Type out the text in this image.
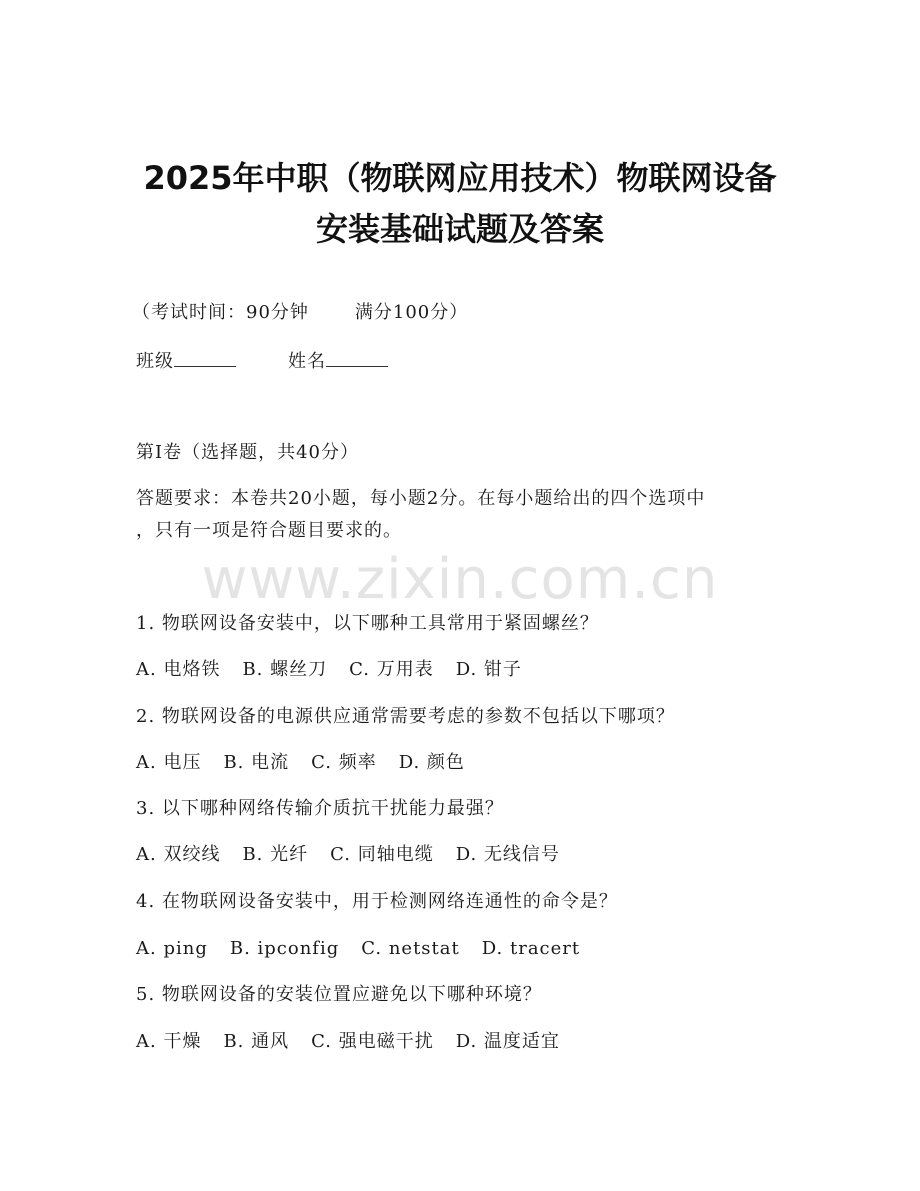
www.zixin.com.cn
2025年中职（物联网应用技术）物联网设备
安装基础试题及答案
（考试时间：90分钟	满分100分）
班级	姓名
第I卷（选择题，共40分）
答题要求：本卷共20小题，每小题2分。在每小题给出的四个选项中
，只有一项是符合题目要求的。
1. 物联网设备安装中，以下哪种工具常用于紧固螺丝？
A. 电烙铁 B. 螺丝刀 C. 万用表 D. 钳子
2. 物联网设备的电源供应通常需要考虑的参数不包括以下哪项？
A. 电压 B. 电流 C. 频率 D. 颜色
3. 以下哪种网络传输介质抗干扰能力最强？
A. 双绞线 B. 光纤 C. 同轴电缆 D. 无线信号
4. 在物联网设备安装中，用于检测网络连通性的命令是？
A. ping B. ipconfig C. netstat D. tracert
5. 物联网设备的安装位置应避免以下哪种环境？
A. 干燥 B. 通风 C. 强电磁干扰 D. 温度适宜
